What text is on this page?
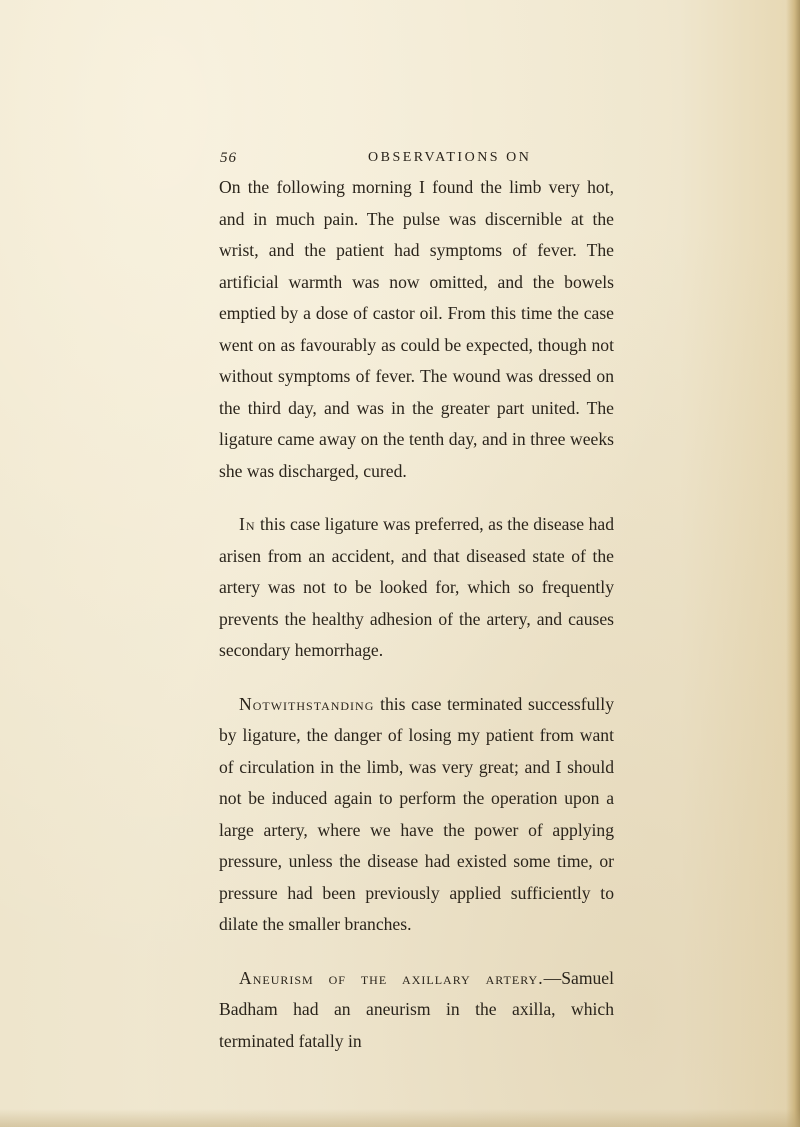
56	OBSERVATIONS ON

On the following morning I found the limb very hot, and in much pain. The pulse was discernible at the wrist, and the patient had symptoms of fever. The artificial warmth was now omitted, and the bowels emptied by a dose of castor oil. From this time the case went on as favourably as could be expected, though not without symptoms of fever. The wound was dressed on the third day, and was in the greater part united. The ligature came away on the tenth day, and in three weeks she was discharged, cured.

In this case ligature was preferred, as the disease had arisen from an accident, and that diseased state of the artery was not to be looked for, which so frequently prevents the healthy adhesion of the artery, and causes secondary hemorrhage.

Notwithstanding this case terminated successfully by ligature, the danger of losing my patient from want of circulation in the limb, was very great; and I should not be induced again to perform the operation upon a large artery, where we have the power of applying pressure, unless the disease had existed some time, or pressure had been previously applied sufficiently to dilate the smaller branches.

Aneurism of the axillary artery.—Samuel Badham had an aneurism in the axilla, which terminated fatally in
